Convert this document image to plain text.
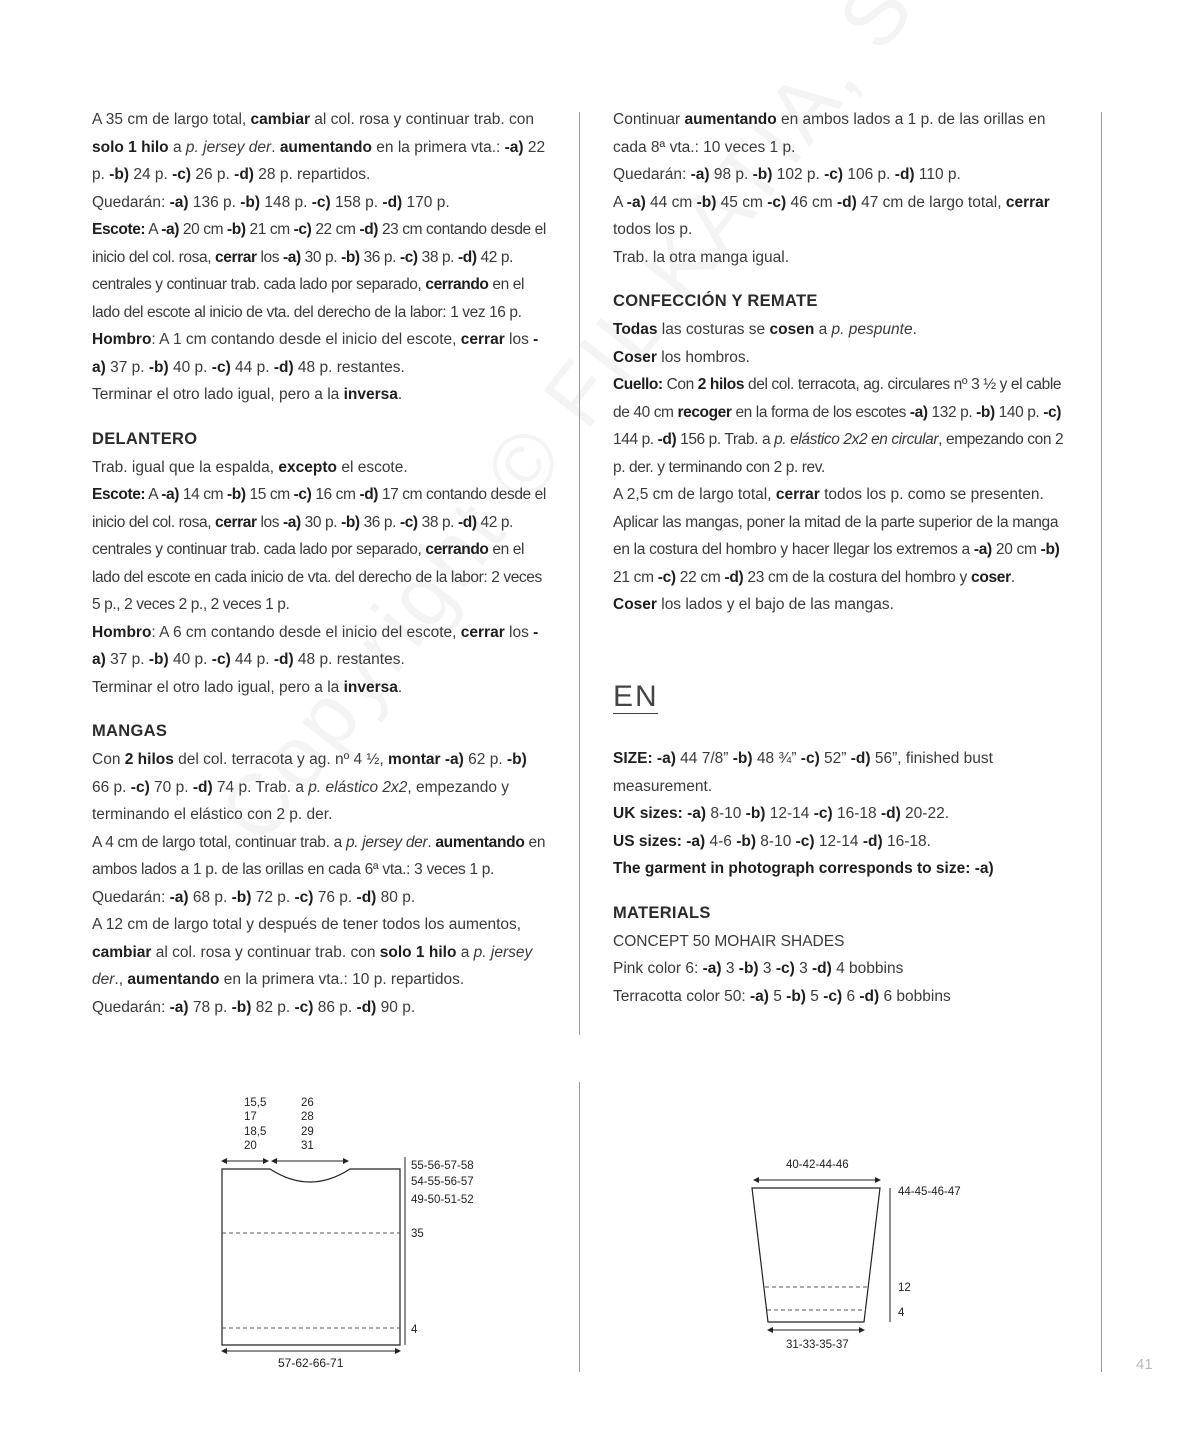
A 35 cm de largo total, cambiar al col. rosa y continuar trab. con solo 1 hilo a p. jersey der. aumentando en la primera vta.: -a) 22 p. -b) 24 p. -c) 26 p. -d) 28 p. repartidos.

Quedarán: -a) 136 p. -b) 148 p. -c) 158 p. -d) 170 p.

Escote: A -a) 20 cm -b) 21 cm -c) 22 cm -d) 23 cm contando desde el inicio del col. rosa, cerrar los -a) 30 p. -b) 36 p. -c) 38 p. -d) 42 p. centrales y continuar trab. cada lado por separado, cerrando en el lado del escote al inicio de vta. del derecho de la labor: 1 vez 16 p.

Hombro: A 1 cm contando desde el inicio del escote, cerrar los -a) 37 p. -b) 40 p. -c) 44 p. -d) 48 p. restantes.

Terminar el otro lado igual, pero a la inversa.

DELANTERO

Trab. igual que la espalda, excepto el escote.

Escote: A -a) 14 cm -b) 15 cm -c) 16 cm -d) 17 cm contando desde el inicio del col. rosa, cerrar los -a) 30 p. -b) 36 p. -c) 38 p. -d) 42 p. centrales y continuar trab. cada lado por separado, cerrando en el lado del escote en cada inicio de vta. del derecho de la labor: 2 veces 5 p., 2 veces 2 p., 2 veces 1 p.

Hombro: A 6 cm contando desde el inicio del escote, cerrar los -a) 37 p. -b) 40 p. -c) 44 p. -d) 48 p. restantes.

Terminar el otro lado igual, pero a la inversa.

MANGAS

Con 2 hilos del col. terracota y ag. nº 4 ½, montar -a) 62 p. -b) 66 p. -c) 70 p. -d) 74 p. Trab. a p. elástico 2x2, empezando y terminando el elástico con 2 p. der.

A 4 cm de largo total, continuar trab. a p. jersey der. aumentando en ambos lados a 1 p. de las orillas en cada 6ª vta.: 3 veces 1 p.

Quedarán: -a) 68 p. -b) 72 p. -c) 76 p. -d) 80 p.

A 12 cm de largo total y después de tener todos los aumentos, cambiar al col. rosa y continuar trab. con solo 1 hilo a p. jersey der., aumentando en la primera vta.: 10 p. repartidos.

Quedarán: -a) 78 p. -b) 82 p. -c) 86 p. -d) 90 p.

Continuar aumentando en ambos lados a 1 p. de las orillas en cada 8ª vta.: 10 veces 1 p.

Quedarán: -a) 98 p. -b) 102 p. -c) 106 p. -d) 110 p.

A -a) 44 cm -b) 45 cm -c) 46 cm -d) 47 cm de largo total, cerrar todos los p.

Trab. la otra manga igual.

CONFECCIÓN Y REMATE

Todas las costuras se cosen a p. pespunte.

Coser los hombros.

Cuello: Con 2 hilos del col. terracota, ag. circulares nº 3 ½ y el cable de 40 cm recoger en la forma de los escotes -a) 132 p. -b) 140 p. -c) 144 p. -d) 156 p. Trab. a p. elástico 2x2 en circular, empezando con 2 p. der. y terminando con 2 p. rev.

A 2,5 cm de largo total, cerrar todos los p. como se presenten.

Aplicar las mangas, poner la mitad de la parte superior de la manga en la costura del hombro y hacer llegar los extremos a -a) 20 cm -b) 21 cm -c) 22 cm -d) 23 cm de la costura del hombro y coser.

Coser los lados y el bajo de las mangas.

EN

SIZE: -a) 44 7/8” -b) 48 ¾” -c) 52” -d) 56”, finished bust measurement.

UK sizes: -a) 8-10 -b) 12-14 -c) 16-18 -d) 20-22.

US sizes: -a) 4-6 -b) 8-10 -c) 12-14 -d) 16-18.

The garment in photograph corresponds to size: -a)

MATERIALS

CONCEPT 50 MOHAIR SHADES

Pink color 6: -a) 3 -b) 3 -c) 3 -d) 4 bobbins

Terracotta color 50: -a) 5 -b) 5 -c) 6 -d) 6 bobbins

15,5
17
18,5
20
26
28
29
31
55-56-57-58
54-55-56-57
49-50-51-52
35
4
57-62-66-71
40-42-44-46
44-45-46-47
12
4
31-33-35-37
41
